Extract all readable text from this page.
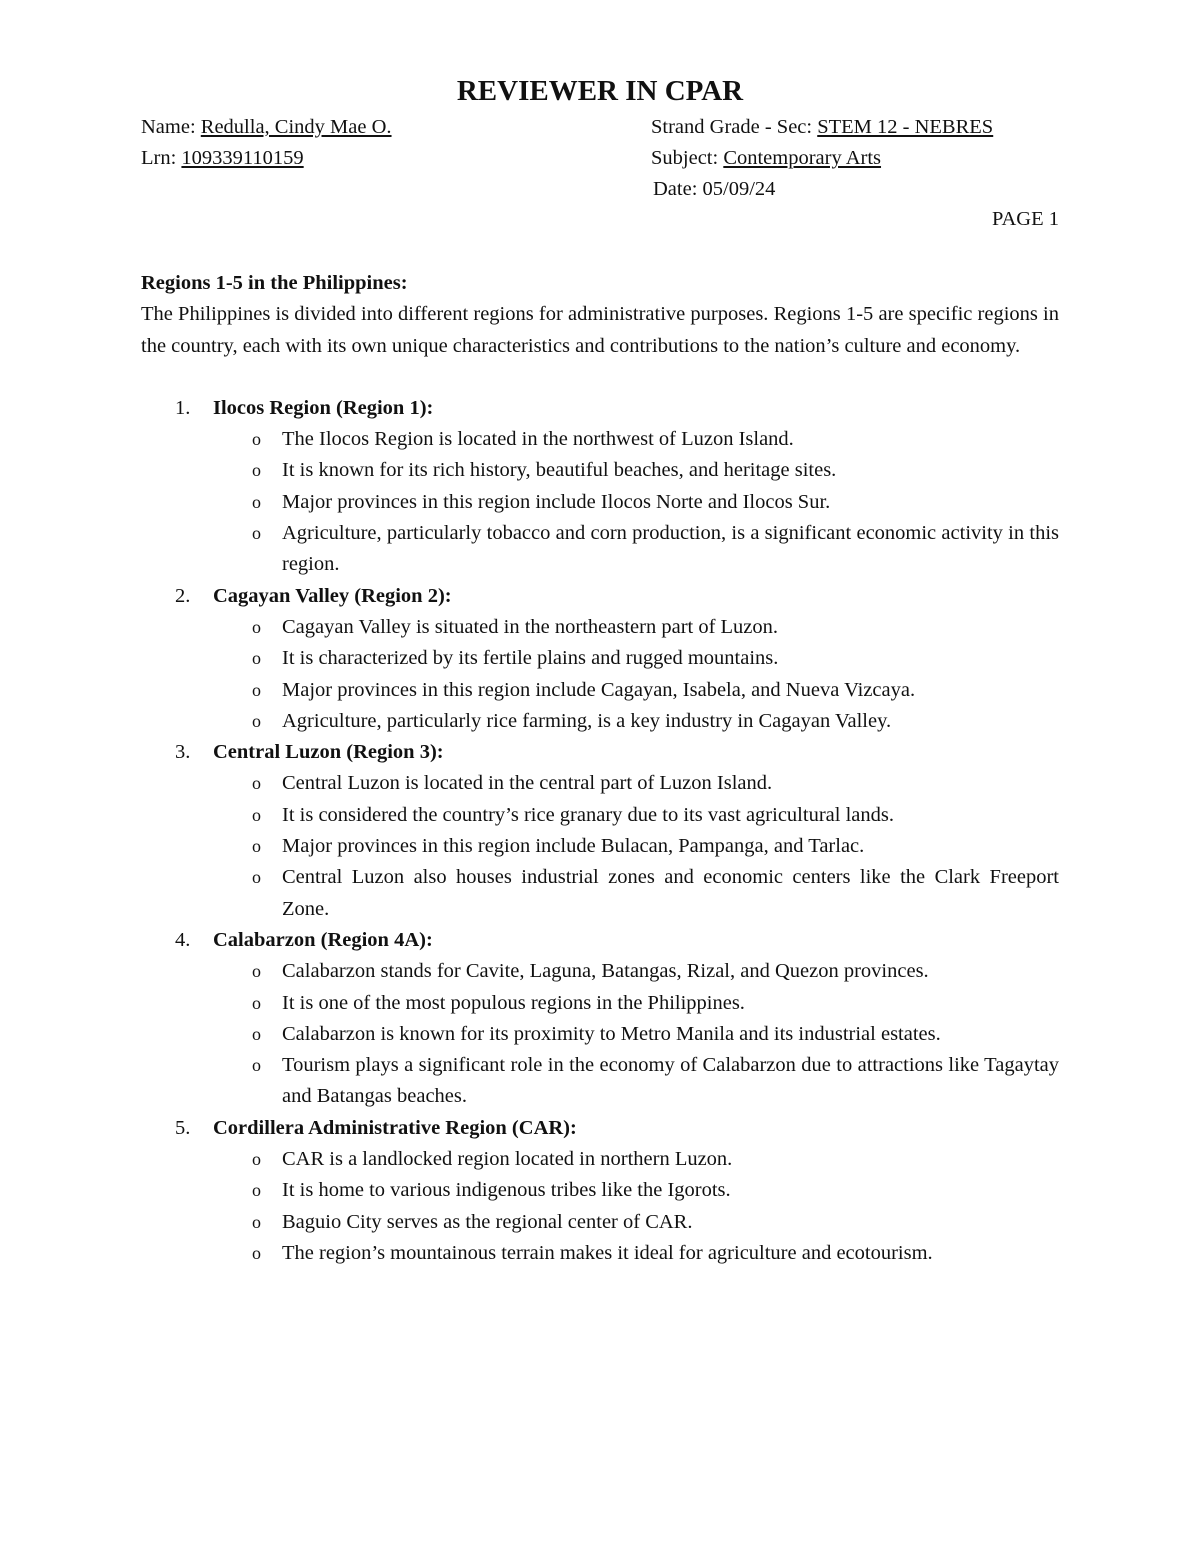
REVIEWER IN CPAR
Name: Redulla, Cindy Mae O.
Lrn: 109339110159
Strand Grade - Sec: STEM 12 - NEBRES
Subject: Contemporary Arts
Date: 05/09/24
PAGE 1

Regions 1-5 in the Philippines:

The Philippines is divided into different regions for administrative purposes. Regions 1-5 are specific regions in the country, each with its own unique characteristics and contributions to the nation’s culture and economy.

1. Ilocos Region (Region 1):
o The Ilocos Region is located in the northwest of Luzon Island.
o It is known for its rich history, beautiful beaches, and heritage sites.
o Major provinces in this region include Ilocos Norte and Ilocos Sur.
o Agriculture, particularly tobacco and corn production, is a significant economic activity in this region.
2. Cagayan Valley (Region 2):
o Cagayan Valley is situated in the northeastern part of Luzon.
o It is characterized by its fertile plains and rugged mountains.
o Major provinces in this region include Cagayan, Isabela, and Nueva Vizcaya.
o Agriculture, particularly rice farming, is a key industry in Cagayan Valley.
3. Central Luzon (Region 3):
o Central Luzon is located in the central part of Luzon Island.
o It is considered the country’s rice granary due to its vast agricultural lands.
o Major provinces in this region include Bulacan, Pampanga, and Tarlac.
o Central Luzon also houses industrial zones and economic centers like the Clark Freeport Zone.
4. Calabarzon (Region 4A):
o Calabarzon stands for Cavite, Laguna, Batangas, Rizal, and Quezon provinces.
o It is one of the most populous regions in the Philippines.
o Calabarzon is known for its proximity to Metro Manila and its industrial estates.
o Tourism plays a significant role in the economy of Calabarzon due to attractions like Tagaytay and Batangas beaches.
5. Cordillera Administrative Region (CAR):
o CAR is a landlocked region located in northern Luzon.
o It is home to various indigenous tribes like the Igorots.
o Baguio City serves as the regional center of CAR.
o The region’s mountainous terrain makes it ideal for agriculture and ecotourism.
